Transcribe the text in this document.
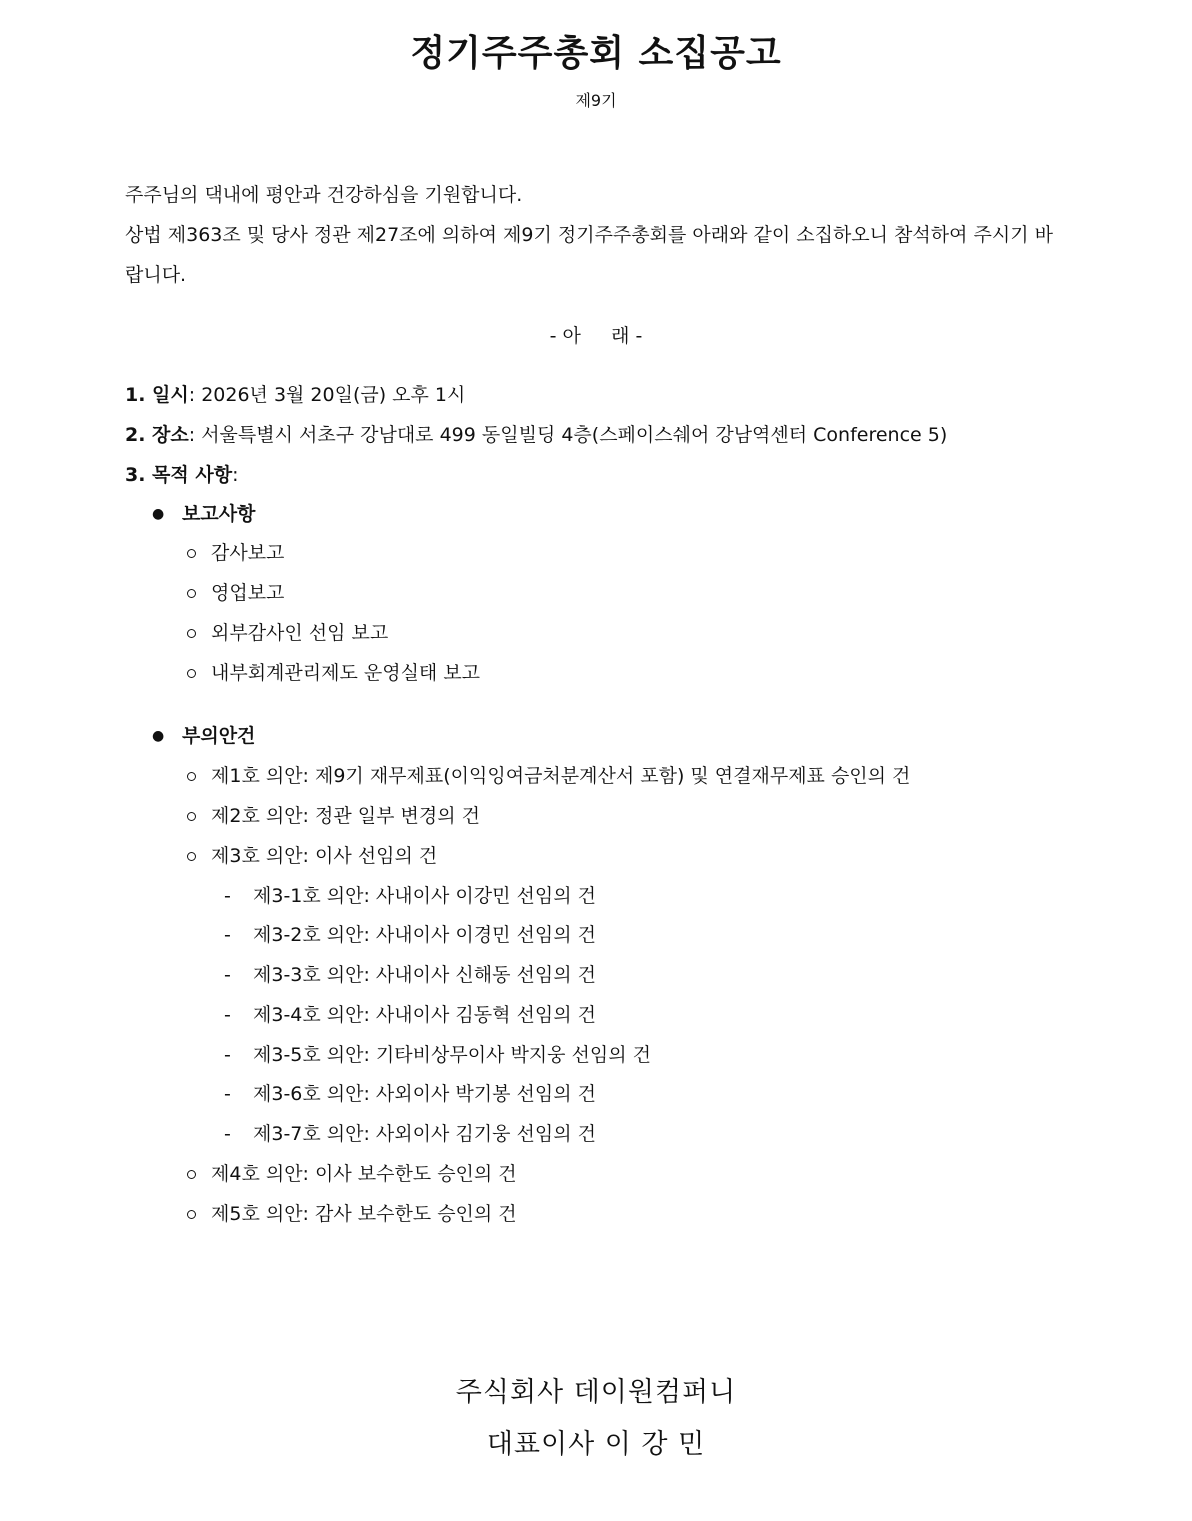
정기주주총회 소집공고
제9기
주주님의 댁내에 평안과 건강하심을 기원합니다.
상법 제363조 및 당사 정관 제27조에 의하여 제9기 정기주주총회를 아래와 같이 소집하오니 참석하여 주시기 바랍니다.
- 아     래 -
1. 일시: 2026년 3월 20일(금) 오후 1시
2. 장소: 서울특별시 서초구 강남대로 499 동일빌딩 4층(스페이스쉐어 강남역센터 Conference 5)
3. 목적 사항:
● 보고사항
감사보고
영업보고
외부감사인 선임 보고
내부회계관리제도 운영실태 보고
● 부의안건
제1호 의안: 제9기 재무제표(이익잉여금처분계산서 포함) 및 연결재무제표 승인의 건
제2호 의안: 정관 일부 변경의 건
제3호 의안: 이사 선임의 건
- 제3-1호 의안: 사내이사 이강민 선임의 건
- 제3-2호 의안: 사내이사 이경민 선임의 건
- 제3-3호 의안: 사내이사 신해동 선임의 건
- 제3-4호 의안: 사내이사 김동혁 선임의 건
- 제3-5호 의안: 기타비상무이사 박지웅 선임의 건
- 제3-6호 의안: 사외이사 박기봉 선임의 건
- 제3-7호 의안: 사외이사 김기웅 선임의 건
제4호 의안: 이사 보수한도 승인의 건
제5호 의안: 감사 보수한도 승인의 건
주식회사 데이원컴퍼니
대표이사 이 강 민
